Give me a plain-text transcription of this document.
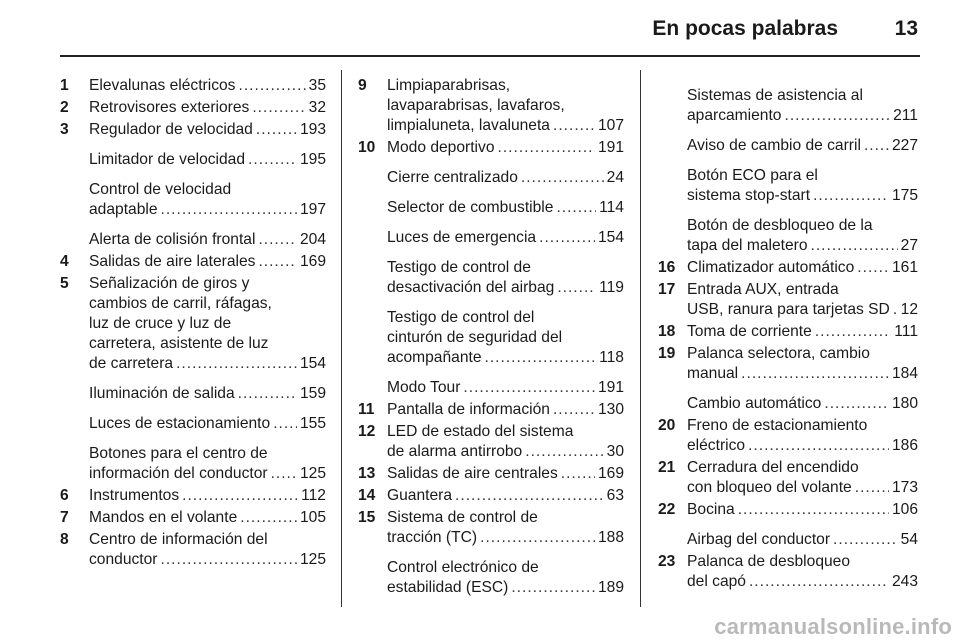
En pocas palabras	13
1	Elevalunas eléctricos .....	35
2	Retrovisores exteriores .....	32
3	Regulador de velocidad .....	193
Limitador de velocidad .....	195
Control de velocidad
adaptable .....	197
Alerta de colisión frontal .....	204
4	Salidas de aire laterales .....	169
5	Señalización de giros y
cambios de carril, ráfagas,
luz de cruce y luz de
carretera, asistente de luz
de carretera .....	154
Iluminación de salida .....	159
Luces de estacionamiento ..... 155
Botones para el centro de
información del conductor ..... 125
6	Instrumentos .....	112
7	Mandos en el volante .....	105
8	Centro de información del
conductor .....	125
9	Limpiaparabrisas,
lavaparabrisas, lavafaros,
limpialuneta, lavaluneta .....	107
10 Modo deportivo .....	191
Cierre centralizado .....	24
Selector de combustible .....	114
Luces de emergencia .....	154
Testigo de control de
desactivación del airbag .....	119
Testigo de control del
cinturón de seguridad del
acompañante .....	118
Modo Tour .....	191
11 Pantalla de información .....	130
12 LED de estado del sistema
de alarma antirrobo .....	30
13 Salidas de aire centrales .....	169
14 Guantera .....	63
15 Sistema de control de
tracción (TC) .....	188
Control electrónico de
estabilidad (ESC) .....	189
Sistemas de asistencia al
aparcamiento .....	211
Aviso de cambio de carril ..... 227
Botón ECO para el
sistema stop-start .....	175
Botón de desbloqueo de la
tapa del maletero .....	27
16 Climatizador automático ..... 161
17 Entrada AUX, entrada
USB, ranura para tarjetas SD ..... 12
18 Toma de corriente .....	111
19 Palanca selectora, cambio
manual .....	184
Cambio automático .....	180
20 Freno de estacionamiento
eléctrico .....	186
21 Cerradura del encendido
con bloqueo del volante .....	173
22 Bocina .....	106
Airbag del conductor .....	54
23 Palanca de desbloqueo
del capó .....	243
carmanualsonline.info
